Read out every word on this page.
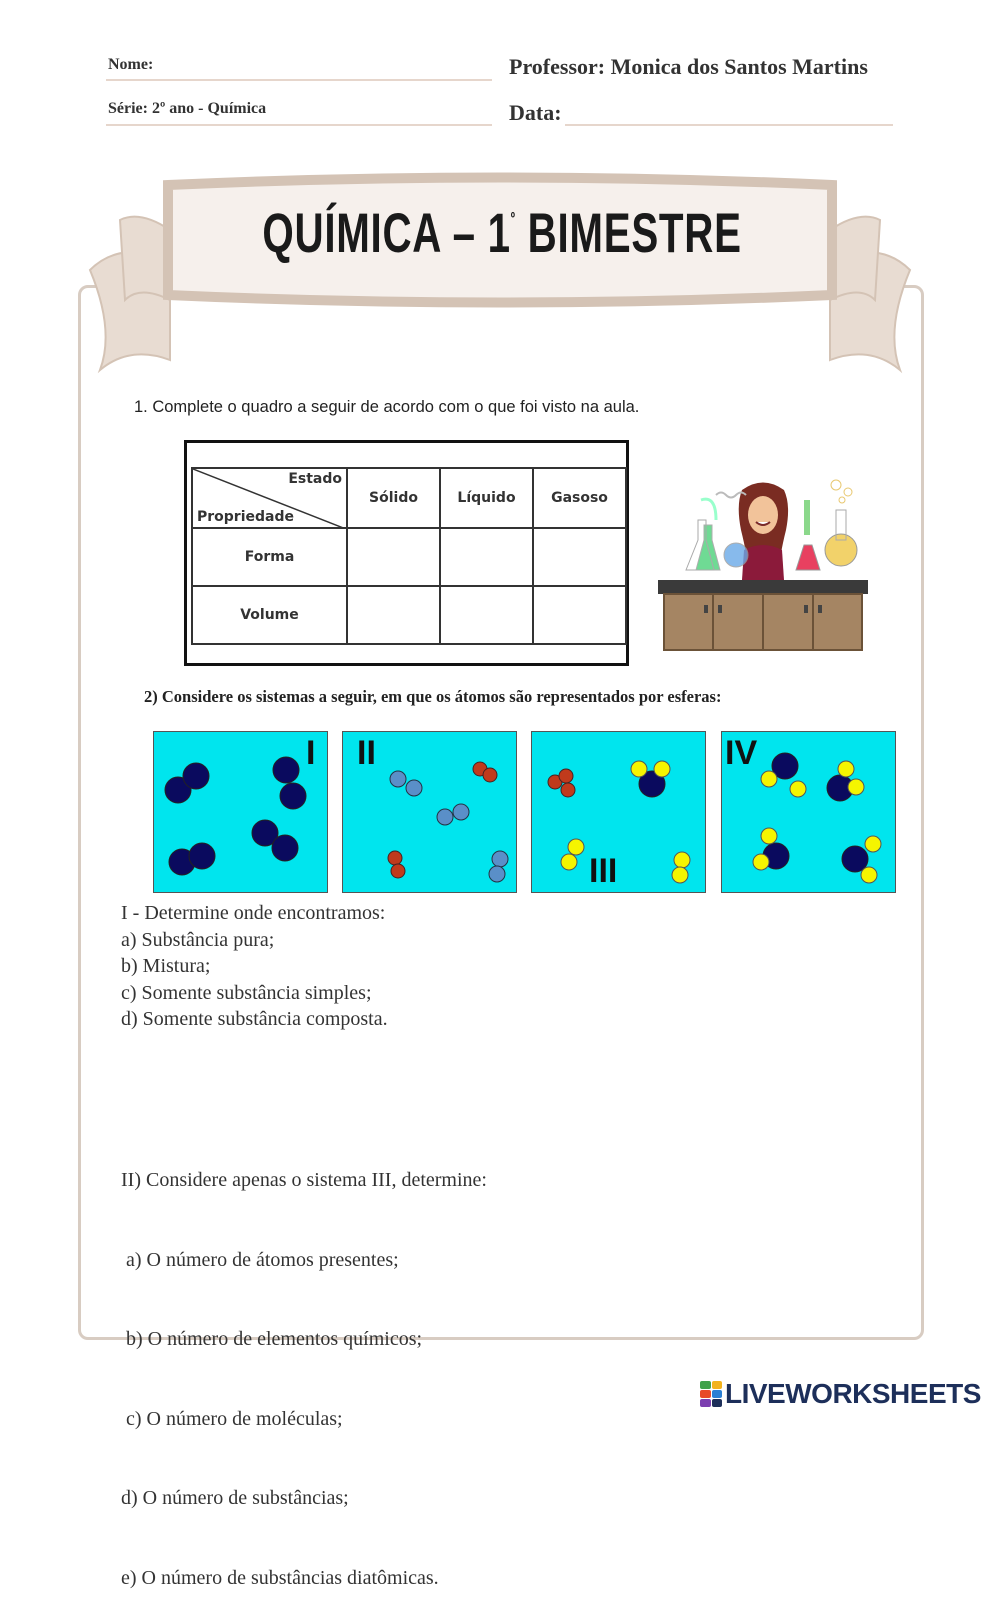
Nome:
Série: 2º ano - Química
Professor: Monica dos Santos Martins
Data:
QUÍMICA – $1^º$ BIMESTRE
1. Complete o quadro a seguir de acordo com o que foi visto na aula.
Estado
Propriedade	Sólido	Líquido	Gasoso
Forma			
Volume			
2) Considere os sistemas a seguir, em que os átomos são representados por esferas:
I II
III
IV
I - Determine onde encontramos:
a) Substância pura;
b) Mistura;
c) Somente substância simples;
d) Somente substância composta.

II) Considere apenas o sistema III, determine:

a) O número de átomos presentes;

b) O número de elementos químicos;

c) O número de moléculas;

d) O número de substâncias;

e) O número de substâncias diatômicas.

LIVEWORKSHEETS
